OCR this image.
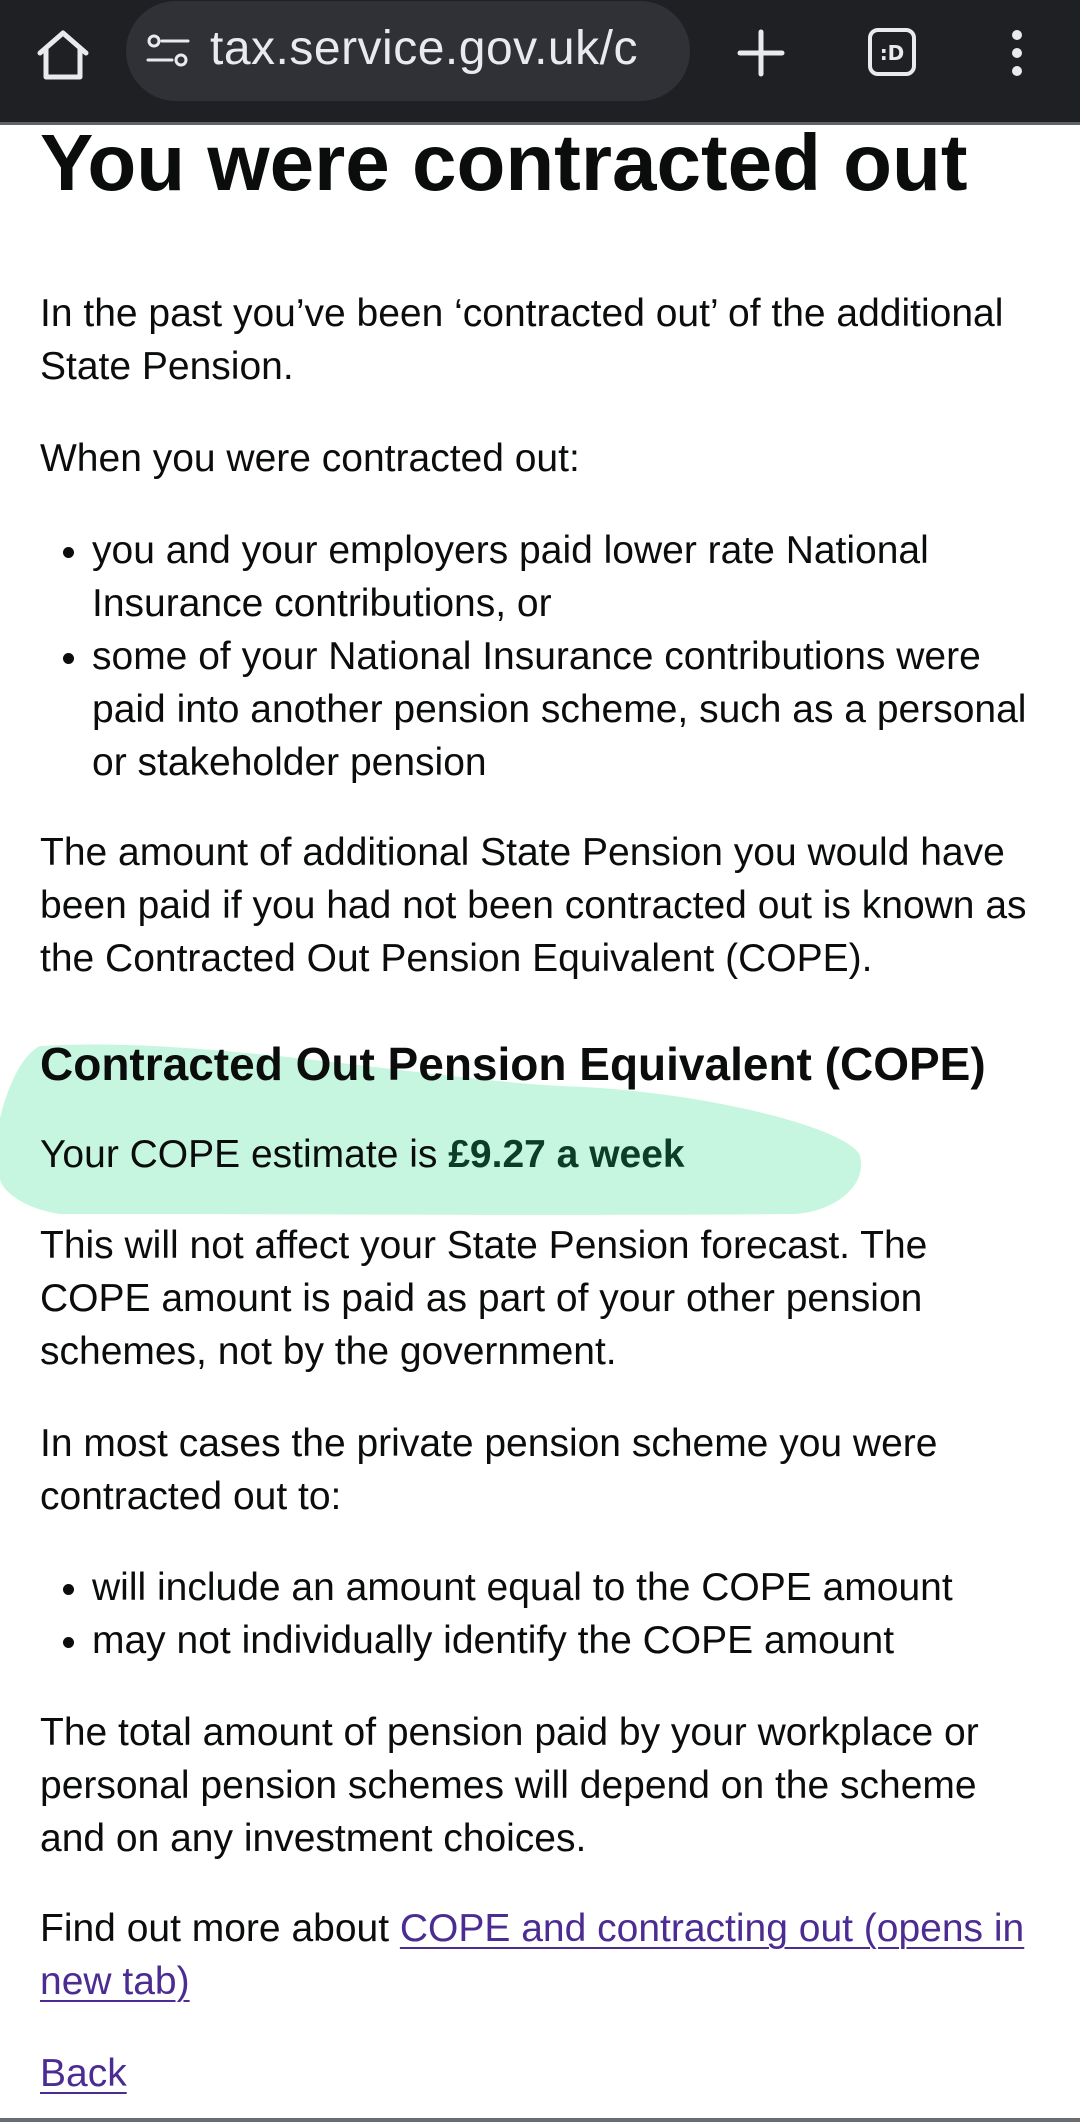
tax.service.gov.uk/c	:D
You were contracted out

In the past you’ve been ‘contracted out’ of the additional State Pension.

When you were contracted out:

• you and your employers paid lower rate National Insurance contributions, or
• some of your National Insurance contributions were paid into another pension scheme, such as a personal or stakeholder pension

The amount of additional State Pension you would have been paid if you had not been contracted out is known as the Contracted Out Pension Equivalent (COPE).

Contracted Out Pension Equivalent (COPE)

Your COPE estimate is £9.27 a week

This will not affect your State Pension forecast. The COPE amount is paid as part of your other pension schemes, not by the government.

In most cases the private pension scheme you were contracted out to:

• will include an amount equal to the COPE amount
• may not individually identify the COPE amount

The total amount of pension paid by your workplace or personal pension schemes will depend on the scheme and on any investment choices.

Find out more about COPE and contracting out (opens in new tab)

Back
